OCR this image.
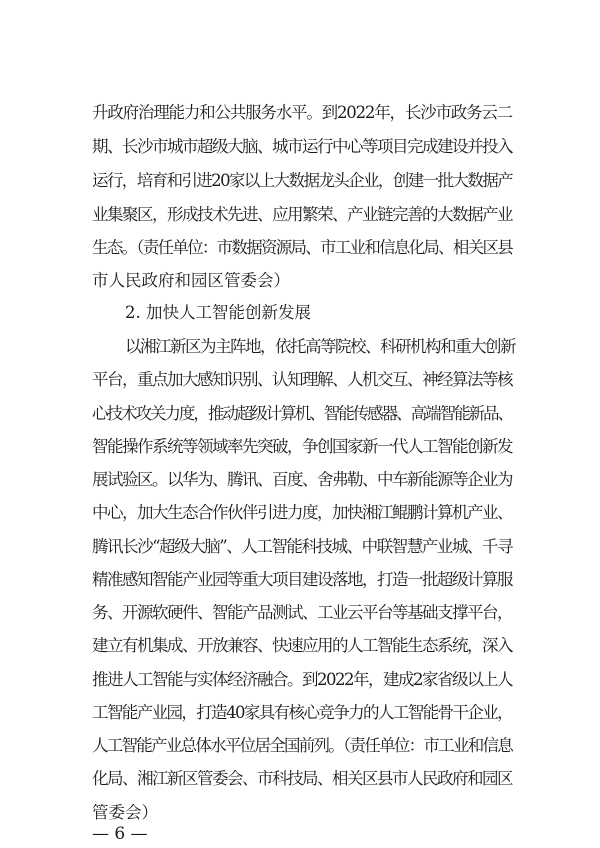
升政府治理能力和公共服务水平。到2022年，长沙市政务云二
期、长沙市城市超级大脑、城市运行中心等项目完成建设并投入
运行，培育和引进20家以上大数据龙头企业，创建一批大数据产
业集聚区，形成技术先进、应用繁荣、产业链完善的大数据产业
生态。（责任单位：市数据资源局、市工业和信息化局、相关区县
市人民政府和园区管委会）
2. 加快人工智能创新发展
以湘江新区为主阵地，依托高等院校、科研机构和重大创新
平台，重点加大感知识别、认知理解、人机交互、神经算法等核
心技术攻关力度，推动超级计算机、智能传感器、高端智能新品、
智能操作系统等领域率先突破，争创国家新一代人工智能创新发
展试验区。以华为、腾讯、百度、舍弗勒、中车新能源等企业为
中心，加大生态合作伙伴引进力度，加快湘江鲲鹏计算机产业、
腾讯长沙“超级大脑”、人工智能科技城、中联智慧产业城、千寻
精准感知智能产业园等重大项目建设落地，打造一批超级计算服
务、开源软硬件、智能产品测试、工业云平台等基础支撑平台，
建立有机集成、开放兼容、快速应用的人工智能生态系统，深入
推进人工智能与实体经济融合。到2022年，建成2家省级以上人
工智能产业园，打造40家具有核心竞争力的人工智能骨干企业，
人工智能产业总体水平位居全国前列。（责任单位：市工业和信息
化局、湘江新区管委会、市科技局、相关区县市人民政府和园区
管委会）
— 6 —
